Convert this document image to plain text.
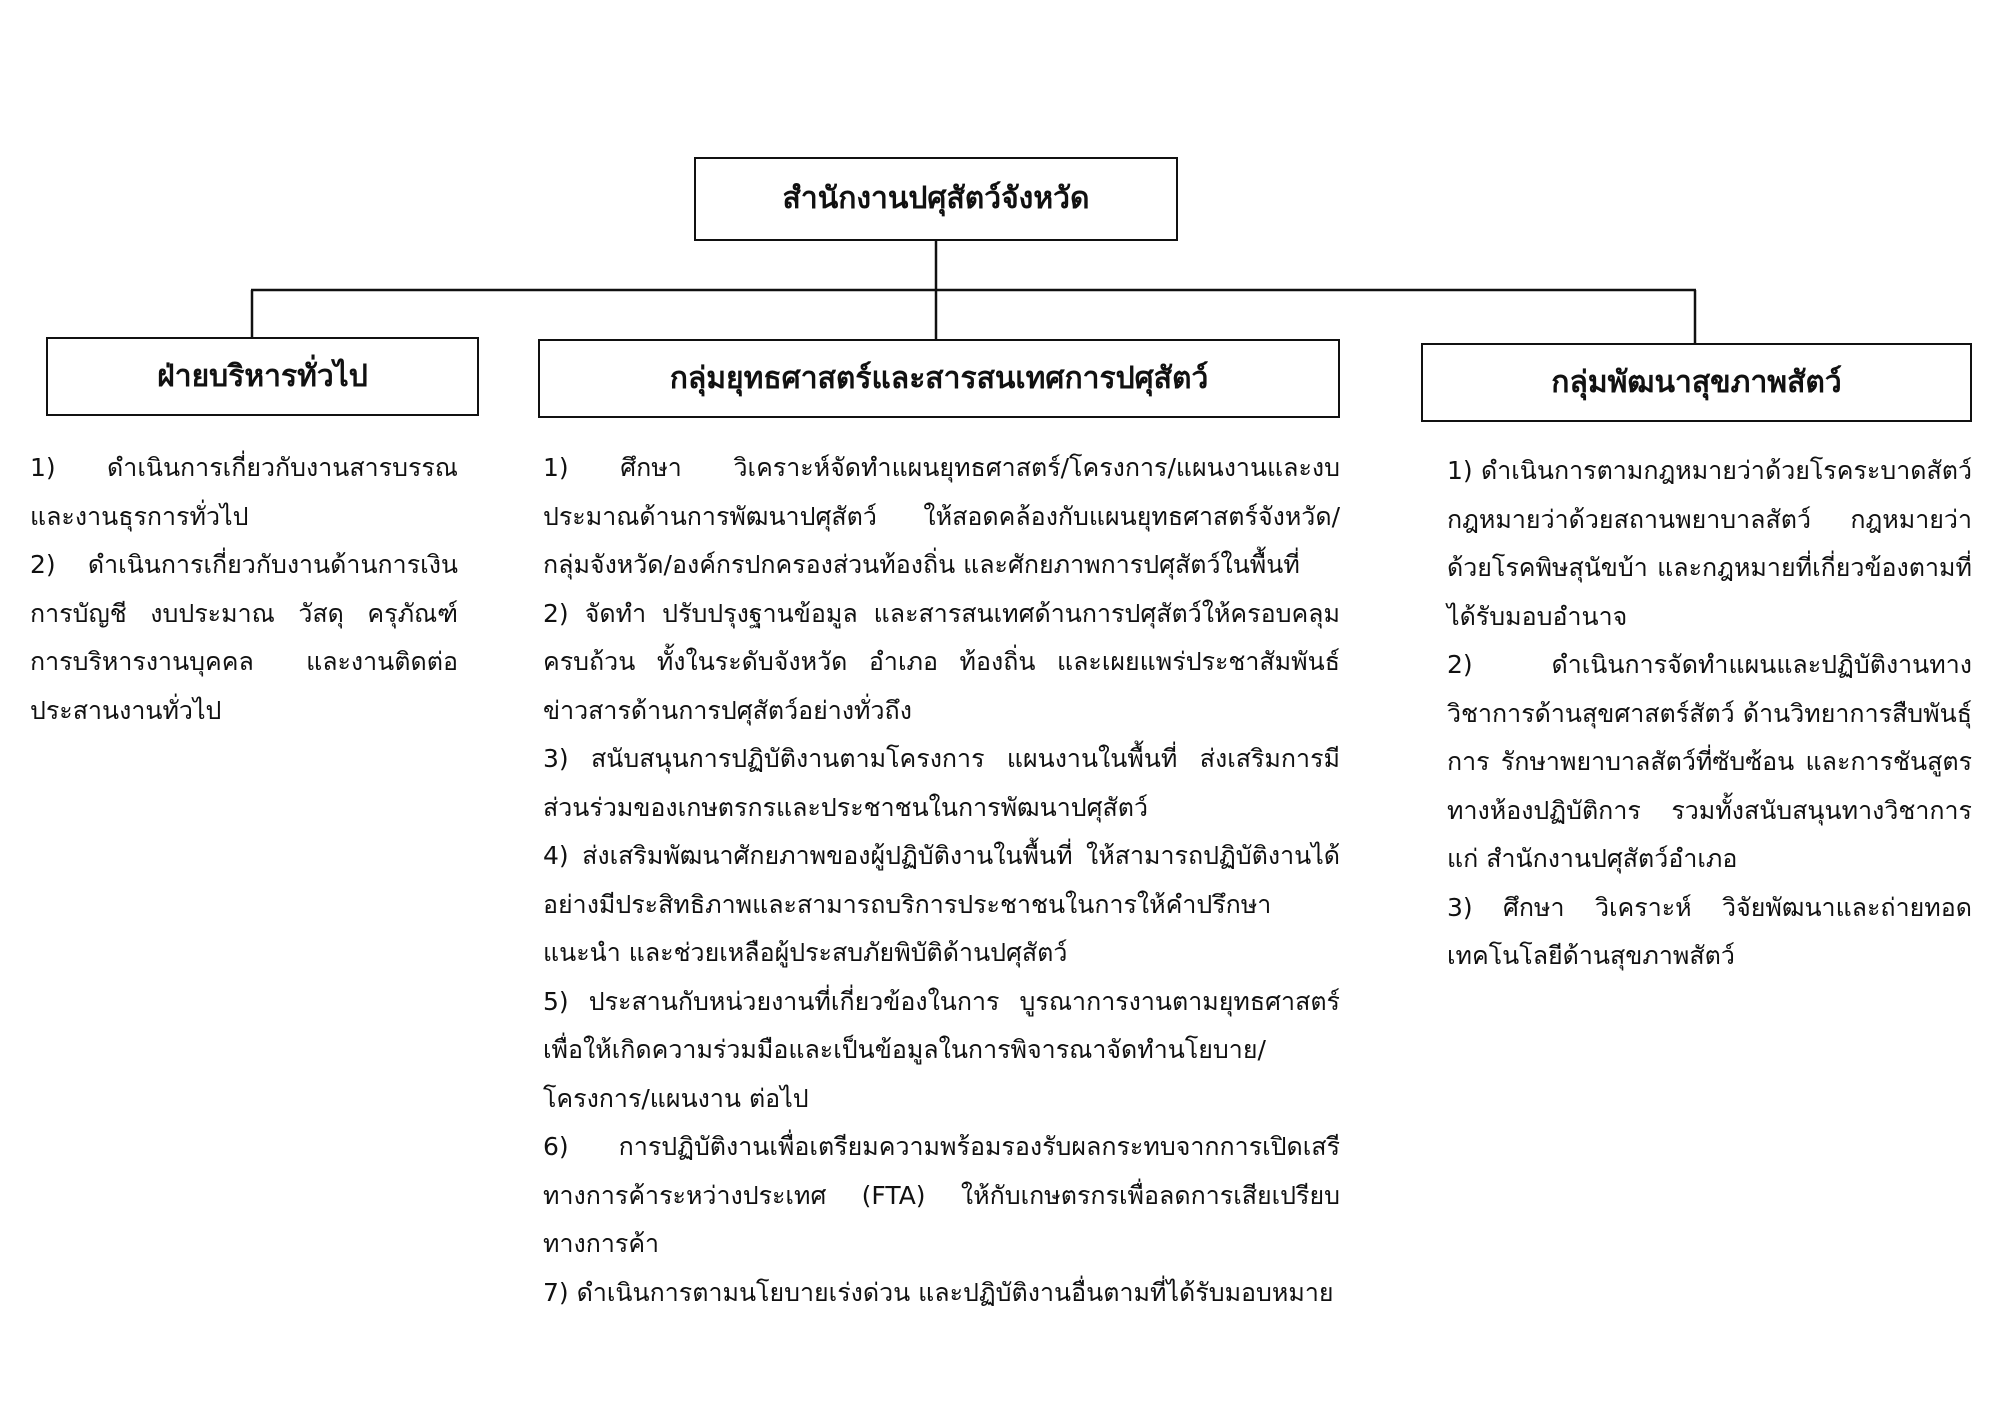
สำนักงานปศุสัตว์จังหวัด
ฝ่ายบริหารทั่วไป	กลุ่มยุทธศาสตร์และสารสนเทศการปศุสัตว์	กลุ่มพัฒนาสุขภาพสัตว์

1) ดำเนินการเกี่ยวกับงานสารบรรณและงานธุรการทั่วไป

2) ดำเนินการเกี่ยวกับงานด้านการเงิน การบัญชี งบประมาณ วัสดุ ครุภัณฑ์ การบริหารงานบุคคล และงานติดต่อประสานงานทั่วไป

1) ศึกษา วิเคราะห์จัดทำแผนยุทธศาสตร์/โครงการ/แผนงานและงบประมาณด้านการพัฒนาปศุสัตว์ ให้สอดคล้องกับแผนยุทธศาสตร์จังหวัด/กลุ่มจังหวัด/องค์กรปกครองส่วนท้องถิ่น และศักยภาพการปศุสัตว์ในพื้นที่

2) จัดทำ ปรับปรุงฐานข้อมูล และสารสนเทศด้านการปศุสัตว์ให้ครอบคลุมครบถ้วน ทั้งในระดับจังหวัด อำเภอ ท้องถิ่น และเผยแพร่ประชาสัมพันธ์ข่าวสารด้านการปศุสัตว์อย่างทั่วถึง

3) สนับสนุนการปฏิบัติงานตามโครงการ แผนงานในพื้นที่ ส่งเสริมการมีส่วนร่วมของเกษตรกรและประชาชนในการพัฒนาปศุสัตว์

4) ส่งเสริมพัฒนาศักยภาพของผู้ปฏิบัติงานในพื้นที่ ให้สามารถปฏิบัติงานได้อย่างมีประสิทธิภาพและสามารถบริการประชาชนในการให้คำปรึกษาแนะนำ และช่วยเหลือผู้ประสบภัยพิบัติด้านปศุสัตว์

5) ประสานกับหน่วยงานที่เกี่ยวข้องในการ บูรณาการงานตามยุทธศาสตร์เพื่อให้เกิดความร่วมมือและเป็นข้อมูลในการพิจารณาจัดทำนโยบาย/โครงการ/แผนงาน ต่อไป

6) การปฏิบัติงานเพื่อเตรียมความพร้อมรองรับผลกระทบจากการเปิดเสรีทางการค้าระหว่างประเทศ (FTA) ให้กับเกษตรกรเพื่อลดการเสียเปรียบทางการค้า

7) ดำเนินการตามนโยบายเร่งด่วน และปฏิบัติงานอื่นตามที่ได้รับมอบหมาย

1) ดำเนินการตามกฎหมายว่าด้วยโรคระบาดสัตว์ กฎหมายว่าด้วยสถานพยาบาลสัตว์ กฎหมายว่าด้วยโรคพิษสุนัขบ้า และกฎหมายที่เกี่ยวข้องตามที่ได้รับมอบอำนาจ

2) ดำเนินการจัดทำแผนและปฏิบัติงานทางวิชาการด้านสุขศาสตร์สัตว์ ด้านวิทยาการสืบพันธุ์การ รักษาพยาบาลสัตว์ที่ซับซ้อน และการชันสูตรทางห้องปฏิบัติการ รวมทั้งสนับสนุนทางวิชาการแก่ สำนักงานปศุสัตว์อำเภอ

3) ศึกษา วิเคราะห์ วิจัยพัฒนาและถ่ายทอดเทคโนโลยีด้านสุขภาพสัตว์
